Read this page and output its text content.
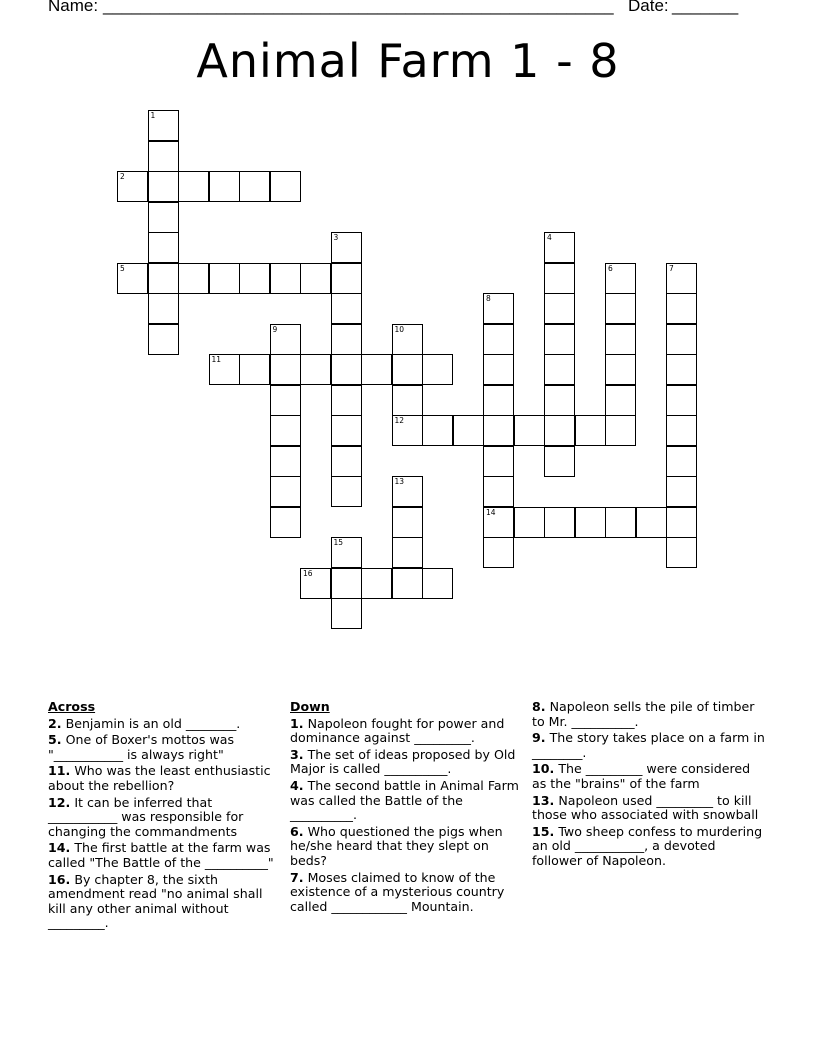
Name: ______________________________________________________ Date: _______
Animal Farm 1 - 8
1
2
3	4
5	6	7
8
14
9	10
12
11
13
15
16
Across
2. Benjamin is an old ________.
5. One of Boxer's mottos was "___________ is always right"
11. Who was the least enthusiastic about the rebellion?
12. It can be inferred that ___________ was responsible for changing the commandments
14. The first battle at the farm was called "The Battle of the __________"
16. By chapter 8, the sixth amendment read "no animal shall kill any other animal without _________.
Down
1. Napoleon fought for power and dominance against _________.
3. The set of ideas proposed by Old Major is called __________.
4. The second battle in Animal Farm was called the Battle of the __________.
6. Who questioned the pigs when he/she heard that they slept on beds?
7. Moses claimed to know of the existence of a mysterious country called ____________ Mountain.
8. Napoleon sells the pile of timber to Mr. __________.
9. The story takes place on a farm in ________.
10. The _________ were considered as the "brains" of the farm
13. Napoleon used _________ to kill those who associated with snowball
15. Two sheep confess to murdering an old ___________, a devoted follower of Napoleon.
